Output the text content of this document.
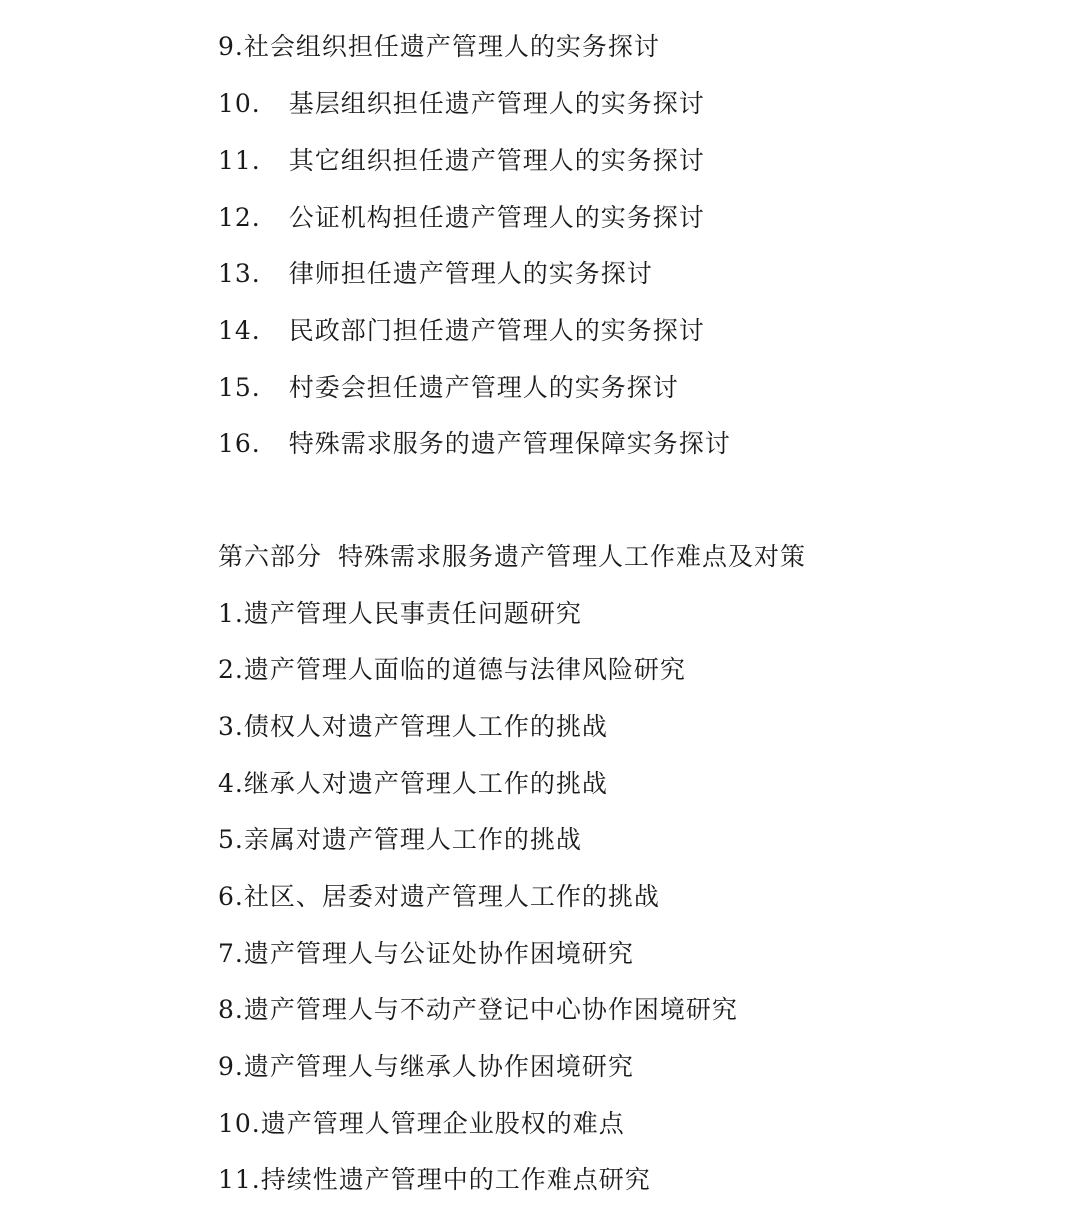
9.社会组织担任遗产管理人的实务探讨

10. 基层组织担任遗产管理人的实务探讨

11. 其它组织担任遗产管理人的实务探讨

12. 公证机构担任遗产管理人的实务探讨

13. 律师担任遗产管理人的实务探讨

14. 民政部门担任遗产管理人的实务探讨

15. 村委会担任遗产管理人的实务探讨

16. 特殊需求服务的遗产管理保障实务探讨

第六部分 特殊需求服务遗产管理人工作难点及对策

1.遗产管理人民事责任问题研究

2.遗产管理人面临的道德与法律风险研究

3.债权人对遗产管理人工作的挑战

4.继承人对遗产管理人工作的挑战

5.亲属对遗产管理人工作的挑战

6.社区、居委对遗产管理人工作的挑战

7.遗产管理人与公证处协作困境研究

8.遗产管理人与不动产登记中心协作困境研究

9.遗产管理人与继承人协作困境研究

10.遗产管理人管理企业股权的难点

11.持续性遗产管理中的工作难点研究
